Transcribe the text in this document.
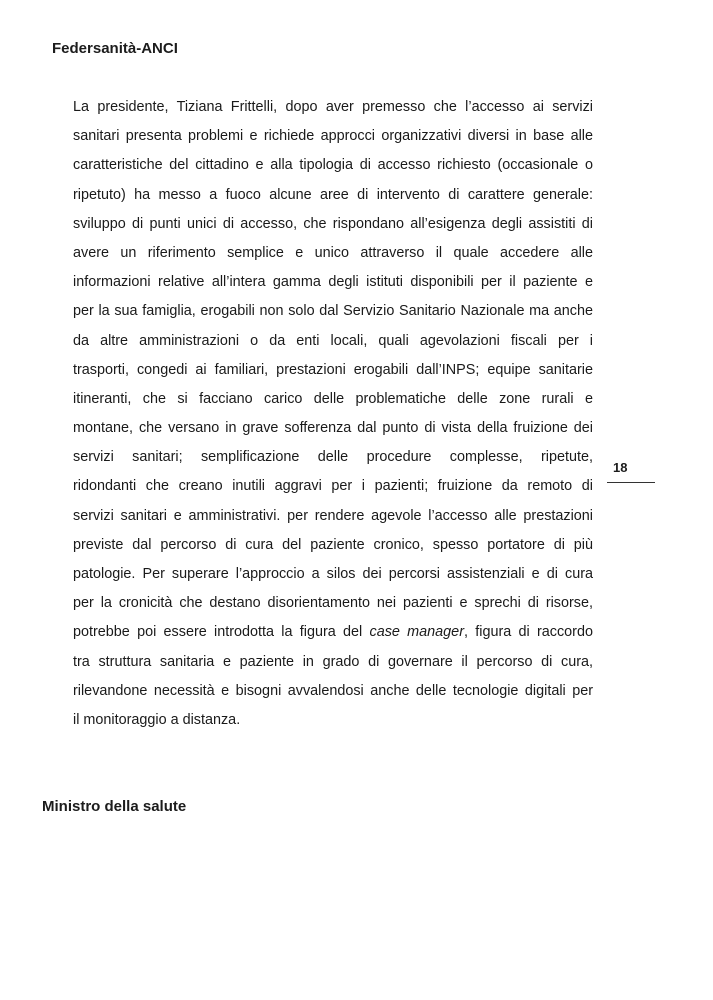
Federsanità-ANCI
La presidente, Tiziana Frittelli, dopo aver premesso che l’accesso ai servizi
sanitari presenta problemi e richiede approcci organizzativi diversi in base alle
caratteristiche del cittadino e alla tipologia di accesso richiesto (occasionale o
ripetuto) ha messo a fuoco alcune aree di intervento di carattere generale:
sviluppo di punti unici di accesso, che rispondano all’esigenza degli assistiti di
avere un riferimento semplice e unico attraverso il quale accedere alle
informazioni relative all’intera gamma degli istituti disponibili per il paziente e
per la sua famiglia, erogabili non solo dal Servizio Sanitario Nazionale ma anche
da altre amministrazioni o da enti locali, quali agevolazioni fiscali per i
trasporti, congedi ai familiari, prestazioni erogabili dall’INPS; equipe sanitarie
itineranti, che si facciano carico delle problematiche delle zone rurali e
montane, che versano in grave sofferenza dal punto di vista della fruizione dei
servizi sanitari; semplificazione delle procedure complesse, ripetute,
ridondanti che creano inutili aggravi per i pazienti; fruizione da remoto di
servizi sanitari e amministrativi. per rendere agevole l’accesso alle prestazioni
previste dal percorso di cura del paziente cronico, spesso portatore di più
patologie. Per superare l’approccio a silos dei percorsi assistenziali e di cura
per la cronicità che destano disorientamento nei pazienti e sprechi di risorse,
potrebbe poi essere introdotta la figura del case manager, figura di raccordo
tra struttura sanitaria e paziente in grado di governare il percorso di cura,
rilevandone necessità e bisogni avvalendosi anche delle tecnologie digitali per
il monitoraggio a distanza.
18
Ministro della salute
